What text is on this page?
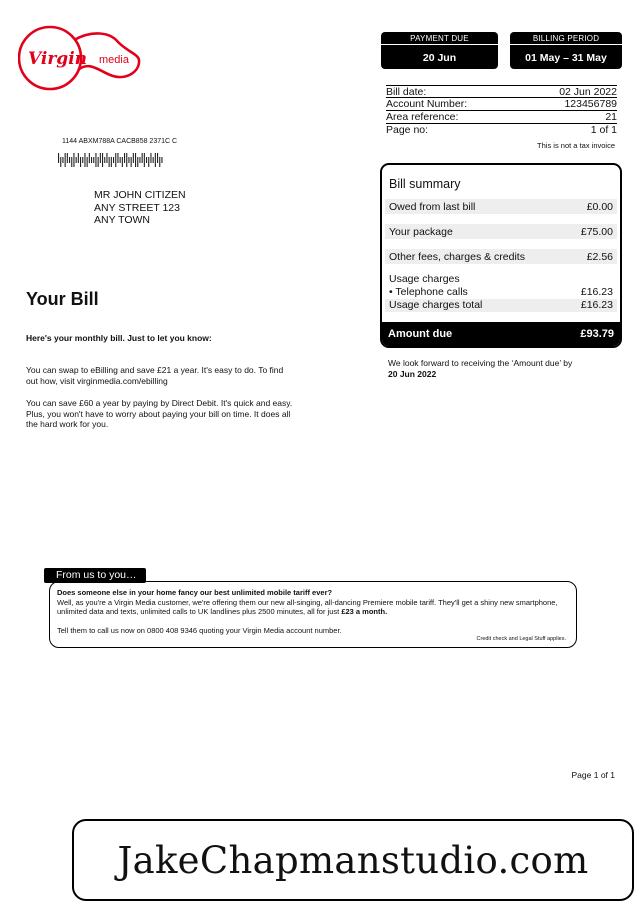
Virgin media
PAYMENT DUE
20 Jun
BILLING PERIOD
01 May – 31 May
Bill date:	02 Jun 2022
Account Number:	123456789
Area reference:	21
Page no:	1 of 1
This is not a tax invoice
1144 ABXM788A CACB858 2371C C
MR JOHN CITIZEN
ANY STREET 123
ANY TOWN
Your Bill
Here's your monthly bill. Just to let you know:
You can swap to eBilling and save £21 a year. It's easy to do. To find out how, visit virginmedia.com/ebilling
You can save £60 a year by paying by Direct Debit. It's quick and easy. Plus, you won't have to worry about paying your bill on time. It does all the hard work for you.
Bill summary
Owed from last bill	£0.00
Your package	£75.00
Other fees, charges & credits	£2.56
Usage charges
• Telephone calls	£16.23
Usage charges total	£16.23
Amount due	£93.79
We look forward to receiving the ‘Amount due’ by
20 Jun 2022
Does someone else in your home fancy our best unlimited mobile tariff ever?
Well, as you're a Virgin Media customer, we're offering them our new all-singing, all-dancing Premiere mobile tariff. They'll get a shiny new smartphone, unlimited data and texts, unlimited calls to UK landlines plus 2500 minutes, all for just £23 a month.
Tell them to call us now on 0800 408 9346 quoting your Virgin Media account number.
Credit check and Legal Stuff applies.
From us to you…
Page 1 of 1
JakeChapmanstudio.com
